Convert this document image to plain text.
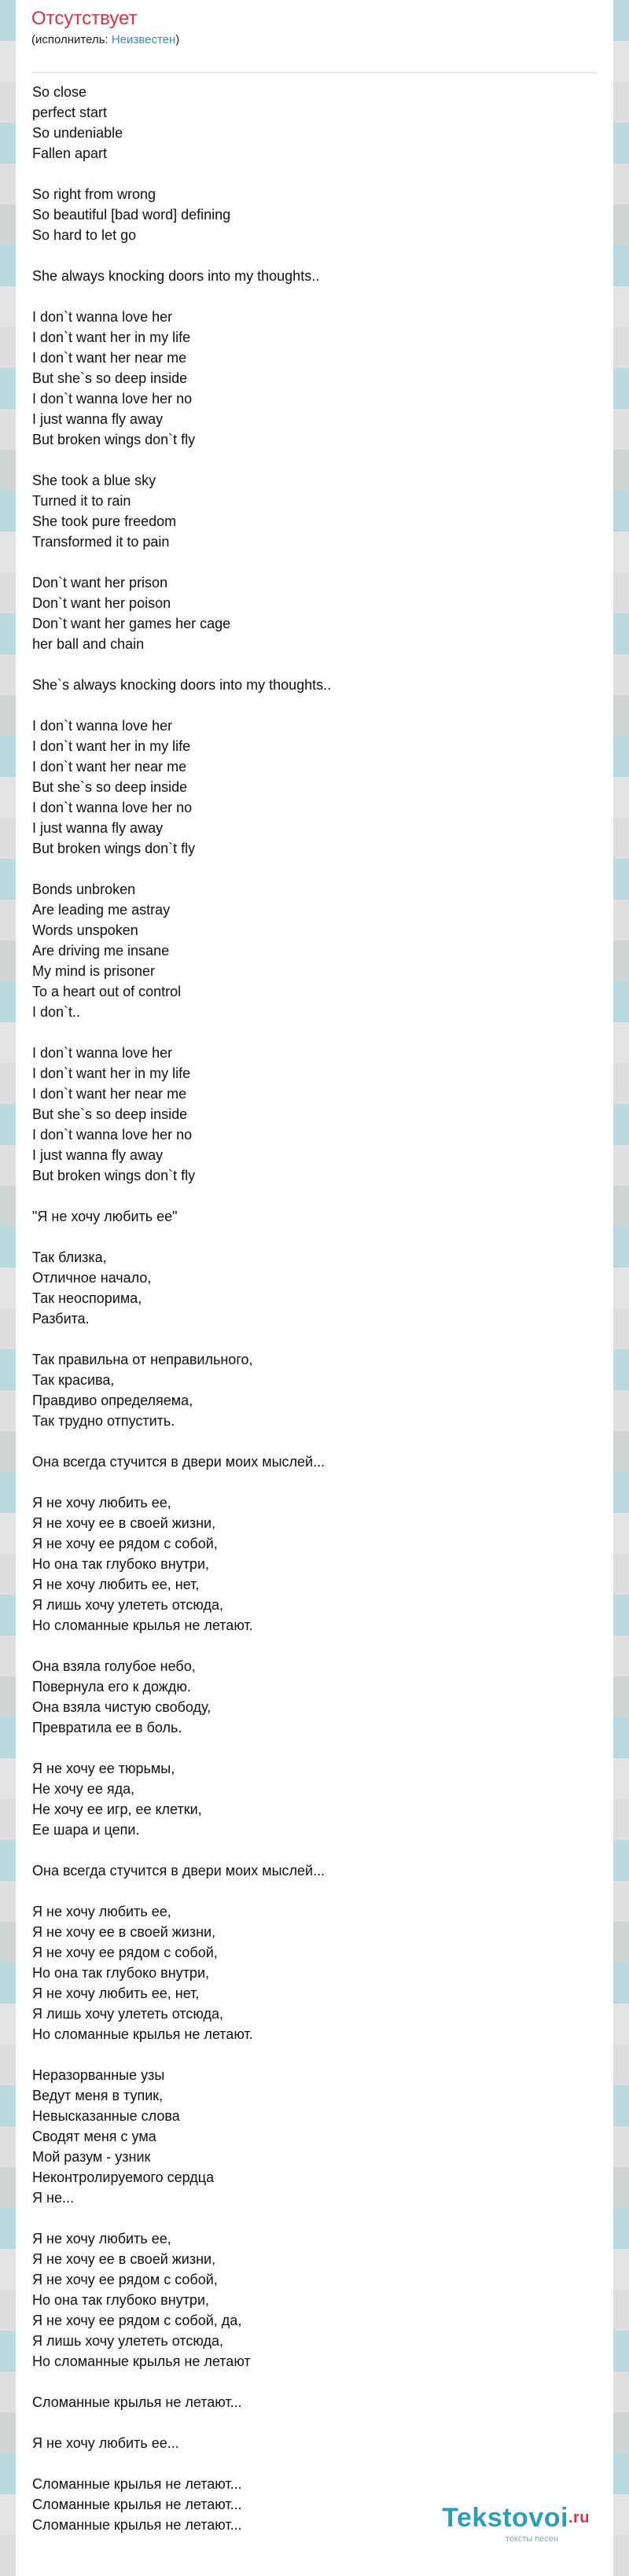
Отсутствует
(исполнитель: Неизвестен)
So close
perfect start
So undeniable
Fallen apart
So right from wrong
So beautiful [bad word] defining
So hard to let go
She always knocking doors into my thoughts..
I don`t wanna love her
I don`t want her in my life
I don`t want her near me
But she`s so deep inside
I don`t wanna love her no
I just wanna fly away
But broken wings don`t fly
She took a blue sky
Turned it to rain
She took pure freedom
Transformed it to pain
Don`t want her prison
Don`t want her poison
Don`t want her games her cage
her ball and chain
She`s always knocking doors into my thoughts..
I don`t wanna love her
I don`t want her in my life
I don`t want her near me
But she`s so deep inside
I don`t wanna love her no
I just wanna fly away
But broken wings don`t fly
Bonds unbroken
Are leading me astray
Words unspoken
Are driving me insane
My mind is prisoner
To a heart out of control
I don`t..
I don`t wanna love her
I don`t want her in my life
I don`t want her near me
But she`s so deep inside
I don`t wanna love her no
I just wanna fly away
But broken wings don`t fly
"Я не хочу любить ее"
Так близка,
Отличное начало,
Так неоспорима,
Разбита.
Так правильна от неправильного,
Так красива,
Правдиво определяема,
Так трудно отпустить.
Она всегда стучится в двери моих мыслей...
Я не хочу любить ее,
Я не хочу ее в своей жизни,
Я не хочу ее рядом с собой,
Но она так глубоко внутри,
Я не хочу любить ее, нет,
Я лишь хочу улететь отсюда,
Но сломанные крылья не летают.
Она взяла голубое небо,
Повернула его к дождю.
Она взяла чистую свободу,
Превратила ее в боль.
Я не хочу ее тюрьмы,
Не хочу ее яда,
Не хочу ее игр, ее клетки,
Ее шара и цепи.
Она всегда стучится в двери моих мыслей...
Я не хочу любить ее,
Я не хочу ее в своей жизни,
Я не хочу ее рядом с собой,
Но она так глубоко внутри,
Я не хочу любить ее, нет,
Я лишь хочу улететь отсюда,
Но сломанные крылья не летают.
Неразорванные узы
Ведут меня в тупик,
Невысказанные слова
Сводят меня с ума
Мой разум - узник
Неконтролируемого сердца
Я не...
Я не хочу любить ее,
Я не хочу ее в своей жизни,
Я не хочу ее рядом с собой,
Но она так глубоко внутри,
Я не хочу ее рядом с собой, да,
Я лишь хочу улететь отсюда,
Но сломанные крылья не летают
Сломанные крылья не летают...
Я не хочу любить ее...
Сломанные крылья не летают...
Сломанные крылья не летают...
Сломанные крылья не летают...	Tekstovoi.ru
тексты песен
